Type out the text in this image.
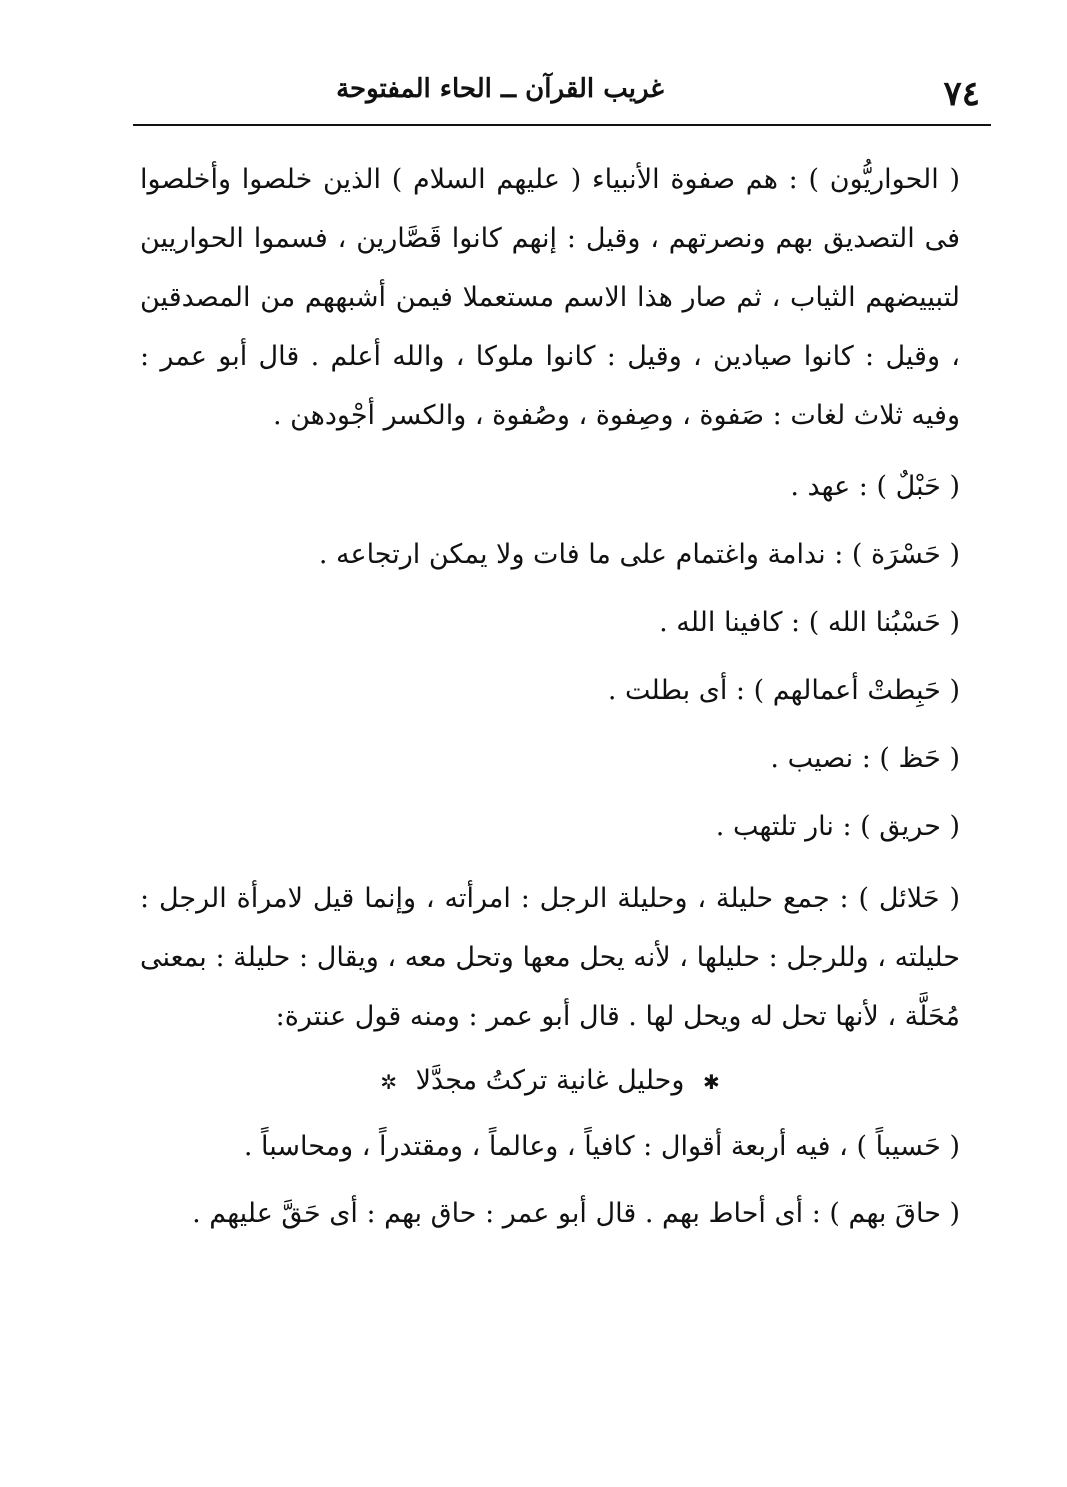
٧٤
غريب القرآن ــ الحاء المفتوحة

( الحواريُّون ) : هم صفوة الأنبياء ( عليهم السلام ) الذين خلصوا وأخلصوا فى التصديق بهم ونصرتهم ، وقيل : إنهم كانوا قَصَّارين ، فسموا الحواريين لتبييضهم الثياب ، ثم صار هذا الاسم مستعملا فيمن أشبههم من المصدقين ، وقيل : كانوا صيادين ، وقيل : كانوا ملوكا ، والله أعلم . قال أبو عمر : وفيه ثلاث لغات : صَفوة ، وصِفوة ، وصُفوة ، والكسر أجْودهن .

( حَبْلٌ ) : عهد .

( حَسْرَة ) : ندامة واغتمام على ما فات ولا يمكن ارتجاعه .

( حَسْبُنا الله ) : كافينا الله .

( حَبِطتْ أعمالهم ) : أى بطلت .

( حَظ ) : نصيب .

( حريق ) : نار تلتهب .

( حَلائل ) : جمع حليلة ، وحليلة الرجل : امرأته ، وإنما قيل لامرأة الرجل : حليلته ، وللرجل : حليلها ، لأنه يحل معها وتحل معه ، ويقال : حليلة : بمعنى مُحَلَّة ، لأنها تحل له ويحل لها . قال أبو عمر : ومنه قول عنترة:

✱ وحليل غانية تركتُ مجدَّلا ✲

( حَسيباً ) ، فيه أربعة أقوال : كافياً ، وعالماً ، ومقتدراً ، ومحاسباً .

( حاقَ بهم ) : أى أحاط بهم . قال أبو عمر : حاق بهم : أى حَقَّ عليهم .
